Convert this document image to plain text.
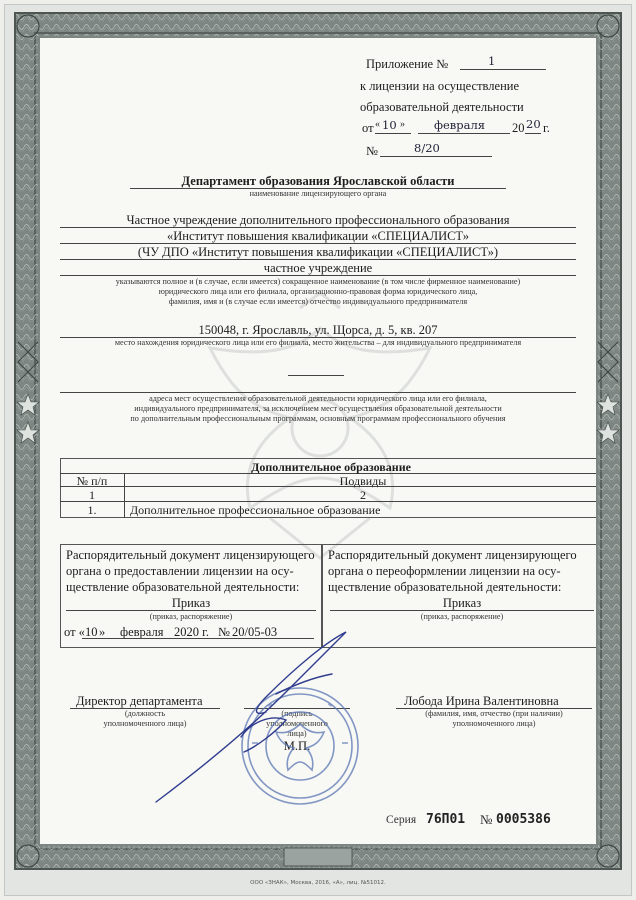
Приложение №	1
к лицензии на осуществление
образовательной деятельности
от « 10 »	февраля 20 20 г.
№	8/20
Департамент образования Ярославской области
наименование лицензирующего органа
Частное учреждение дополнительного профессионального образования
«Институт повышения квалификации «СПЕЦИАЛИСТ»
(ЧУ ДПО «Институт повышения квалификации «СПЕЦИАЛИСТ»)
частное учреждение
указываются полное и (в случае, если имеется) сокращенное наименование (в том числе фирменное наименование)
юридического лица или его филиала, организационно-правовая форма юридического лица,
фамилия, имя и (в случае если имеется) отчество индивидуального предпринимателя
150048, г. Ярославль, ул. Щорса, д. 5, кв. 207
место нахождения юридического лица или его филиала, место жительства – для индивидуального предпринимателя
адреса мест осуществления образовательной деятельности юридического лица или его филиала,
индивидуального предпринимателя, за исключением мест осуществления образовательной деятельности
по дополнительным профессиональным программам, основным программам профессионального обучения
Дополнительное образование
№ п/п	Подвиды
1	2
1.	Дополнительное профессиональное образование
Распорядительный документ лицензирующего
органа о предоставлении лицензии на осу-
ществление образовательной деятельности:
Приказ
(приказ, распоряжение)
от « 10 » февраля 2020 г. № 20/05-03
Распорядительный документ лицензирующего
органа о переоформлении лицензии на осу-
ществление образовательной деятельности:
Приказ
(приказ, распоряжение)
Директор департамента
(должность
уполномоченного лица)
(подпись
уполномоченного
лица)
М.П.
Лобода Ирина Валентиновна
(фамилия, имя, отчество (при наличии)
уполномоченного лица)
Серия 76П01 № 0005386
ООО «ЗНАК», Москва, 2016, «А», лиц. №51012.
